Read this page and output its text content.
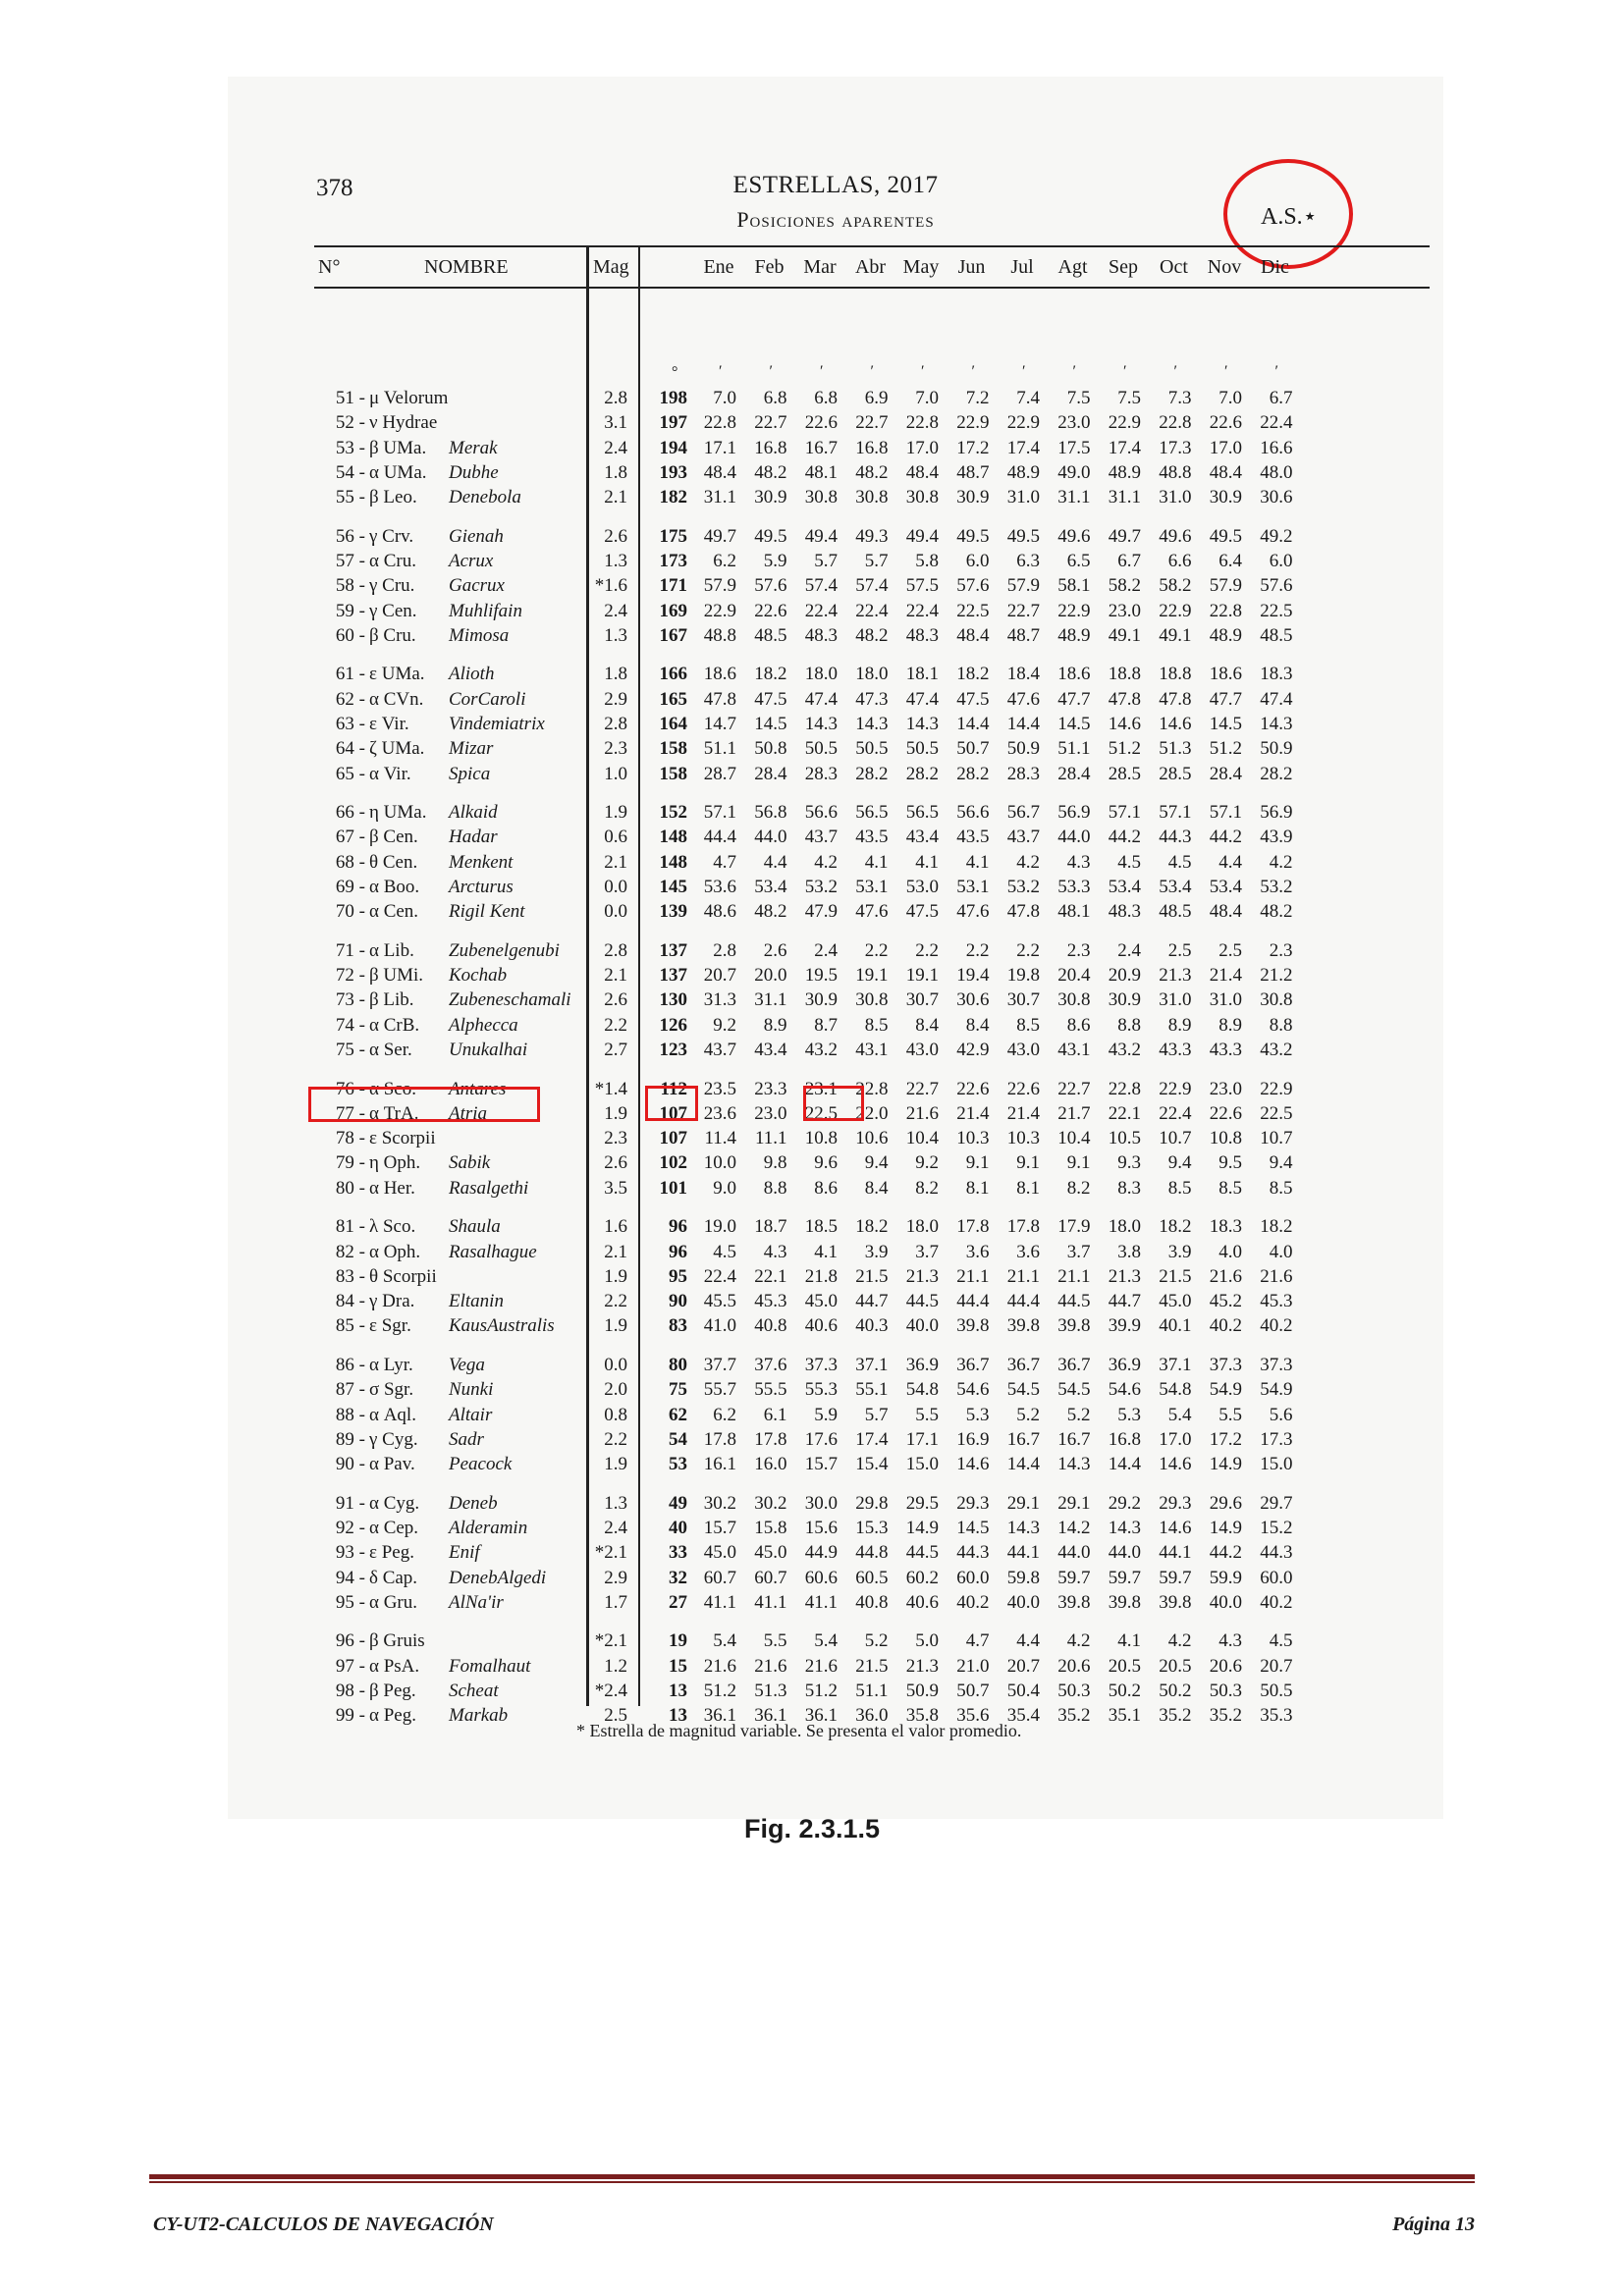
378	ESTRELLAS, 2017
Posiciones aparentes	A.S.⋆
N°	NOMBRE	Mag	Ene	Feb Mar Abr May Jun	Jul	Agt	Sep	Oct Nov Dic
°	′	′	′	′	′	′	′	′	′	′	′	′
51 - μ Velorum	2.8	198	7.0	6.8	6.8	6.9	7.0	7.2	7.4	7.5	7.5	7.3	7.0	6.7
52 - ν Hydrae	3.1	197 22.8 22.7 22.6 22.7 22.8 22.9 22.9 23.0 22.9 22.8 22.6 22.4
53 - β UMa. Merak	2.4	194 17.1 16.8 16.7 16.8 17.0 17.2 17.4 17.5 17.4 17.3 17.0 16.6
54 - α UMa. Dubhe	1.8	193 48.4 48.2 48.1 48.2 48.4 48.7 48.9 49.0 48.9 48.8 48.4 48.0
55 - β Leo. Denebola	2.1	182 31.1 30.9 30.8 30.8 30.8 30.9 31.0 31.1 31.1 31.0 30.9 30.6
56 - γ Crv. Gienah	2.6	175 49.7 49.5 49.4 49.3 49.4 49.5 49.5 49.6 49.7 49.6 49.5 49.2
57 - α Cru. Acrux	1.3	173	6.2	5.9	5.7	5.7	5.8	6.0	6.3	6.5	6.7	6.6	6.4	6.0
58 - γ Cru. Gacrux	*1.6	171 57.9 57.6 57.4 57.4 57.5 57.6 57.9 58.1 58.2 58.2 57.9 57.6
59 - γ Cen. Muhlifain	2.4	169 22.9 22.6 22.4 22.4 22.4 22.5 22.7 22.9 23.0 22.9 22.8 22.5
60 - β Cru. Mimosa	1.3	167 48.8 48.5 48.3 48.2 48.3 48.4 48.7 48.9 49.1 49.1 48.9 48.5
61 - ε UMa. Alioth	1.8	166 18.6 18.2 18.0 18.0 18.1 18.2 18.4 18.6 18.8 18.8 18.6 18.3
62 - α CVn. CorCaroli	2.9	165 47.8 47.5 47.4 47.3 47.4 47.5 47.6 47.7 47.8 47.8 47.7 47.4
63 - ε Vir. Vindemiatrix	2.8	164 14.7 14.5 14.3 14.3 14.3 14.4 14.4 14.5 14.6 14.6 14.5 14.3
64 - ζ UMa. Mizar	2.3	158 51.1 50.8 50.5 50.5 50.5 50.7 50.9 51.1 51.2 51.3 51.2 50.9
65 - α Vir. Spica	1.0	158 28.7 28.4 28.3 28.2 28.2 28.2 28.3 28.4 28.5 28.5 28.4 28.2
66 - η UMa. Alkaid	1.9	152 57.1 56.8 56.6 56.5 56.5 56.6 56.7 56.9 57.1 57.1 57.1 56.9
67 - β Cen. Hadar	0.6	148 44.4 44.0 43.7 43.5 43.4 43.5 43.7 44.0 44.2 44.3 44.2 43.9
68 - θ Cen. Menkent	2.1	148	4.7	4.4	4.2	4.1	4.1	4.1	4.2	4.3	4.5	4.5	4.4	4.2
69 - α Boo. Arcturus	0.0	145 53.6 53.4 53.2 53.1 53.0 53.1 53.2 53.3 53.4 53.4 53.4 53.2
70 - α Cen. Rigil Kent	0.0	139 48.6 48.2 47.9 47.6 47.5 47.6 47.8 48.1 48.3 48.5 48.4 48.2
71 - α Lib. Zubenelgenubi	2.8	137	2.8	2.6	2.4	2.2	2.2	2.2	2.2	2.3	2.4	2.5	2.5	2.3
72 - β UMi. Kochab	2.1	137 20.7 20.0 19.5 19.1 19.1 19.4 19.8 20.4 20.9 21.3 21.4 21.2
73 - β Lib. Zubeneschamali	2.6	130 31.3 31.1 30.9 30.8 30.7 30.6 30.7 30.8 30.9 31.0 31.0 30.8
74 - α CrB. Alphecca	2.2	126	9.2	8.9	8.7	8.5	8.4	8.4	8.5	8.6	8.8	8.9	8.9	8.8
75 - α Ser. Unukalhai	2.7	123 43.7 43.4 43.2 43.1 43.0 42.9 43.0 43.1 43.2 43.3 43.3 43.2
76 - α Sco. Antares	*1.4	112 23.5 23.3 23.1 22.8 22.7 22.6 22.6 22.7 22.8 22.9 23.0 22.9
77 - α TrA. Atria	1.9	107 23.6 23.0 22.5 22.0 21.6 21.4 21.4 21.7 22.1 22.4 22.6 22.5
78 - ε Scorpii	2.3	107 11.4 11.1 10.8 10.6 10.4 10.3 10.3 10.4 10.5 10.7 10.8 10.7
79 - η Oph. Sabik	2.6	102 10.0	9.8	9.6	9.4	9.2	9.1	9.1	9.1	9.3	9.4	9.5	9.4
80 - α Her. Rasalgethi	3.5	101	9.0	8.8	8.6	8.4	8.2	8.1	8.1	8.2	8.3	8.5	8.5	8.5
81 - λ Sco. Shaula	1.6	96 19.0 18.7 18.5 18.2 18.0 17.8 17.8 17.9 18.0 18.2 18.3 18.2
82 - α Oph. Rasalhague	2.1	96	4.5	4.3	4.1	3.9	3.7	3.6	3.6	3.7	3.8	3.9	4.0	4.0
83 - θ Scorpii	1.9	95 22.4 22.1 21.8 21.5 21.3 21.1 21.1 21.1 21.3 21.5 21.6 21.6
84 - γ Dra. Eltanin	2.2	90 45.5 45.3 45.0 44.7 44.5 44.4 44.4 44.5 44.7 45.0 45.2 45.3
85 - ε Sgr. KausAustralis	1.9	83 41.0 40.8 40.6 40.3 40.0 39.8 39.8 39.8 39.9 40.1 40.2 40.2
86 - α Lyr. Vega	0.0	80 37.7 37.6 37.3 37.1 36.9 36.7 36.7 36.7 36.9 37.1 37.3 37.3
87 - σ Sgr. Nunki	2.0	75 55.7 55.5 55.3 55.1 54.8 54.6 54.5 54.5 54.6 54.8 54.9 54.9
88 - α Aql. Altair	0.8	62	6.2	6.1	5.9	5.7	5.5	5.3	5.2	5.2	5.3	5.4	5.5	5.6
89 - γ Cyg. Sadr	2.2	54 17.8 17.8 17.6 17.4 17.1 16.9 16.7 16.7 16.8 17.0 17.2 17.3
90 - α Pav. Peacock	1.9	53 16.1 16.0 15.7 15.4 15.0 14.6 14.4 14.3 14.4 14.6 14.9 15.0
91 - α Cyg. Deneb	1.3	49 30.2 30.2 30.0 29.8 29.5 29.3 29.1 29.1 29.2 29.3 29.6 29.7
92 - α Cep. Alderamin	2.4	40 15.7 15.8 15.6 15.3 14.9 14.5 14.3 14.2 14.3 14.6 14.9 15.2
93 - ε Peg. Enif	*2.1	33 45.0 45.0 44.9 44.8 44.5 44.3 44.1 44.0 44.0 44.1 44.2 44.3
94 - δ Cap. DenebAlgedi	2.9	32 60.7 60.7 60.6 60.5 60.2 60.0 59.8 59.7 59.7 59.7 59.9 60.0
95 - α Gru. AlNa'ir	1.7	27 41.1 41.1 41.1 40.8 40.6 40.2 40.0 39.8 39.8 39.8 40.0 40.2
96 - β Gruis	*2.1	19	5.4	5.5	5.4	5.2	5.0	4.7	4.4	4.2	4.1	4.2	4.3	4.5
97 - α PsA. Fomalhaut	1.2	15 21.6 21.6 21.6 21.5 21.3 21.0 20.7 20.6 20.5 20.5 20.6 20.7
98 - β Peg. Scheat	*2.4	13 51.2 51.3 51.2 51.1 50.9 50.7 50.4 50.3 50.2 50.2 50.3 50.5
99 - α Peg. Markab	2.5	13 36.1 36.1 36.1 36.0 35.8 35.6 35.4 35.2 35.1 35.2 35.2 35.3
* Estrella de magnitud variable. Se presenta el valor promedio.
Fig. 2.3.1.5
CY-UT2-CALCULOS DE NAVEGACIÓN	Página 13
